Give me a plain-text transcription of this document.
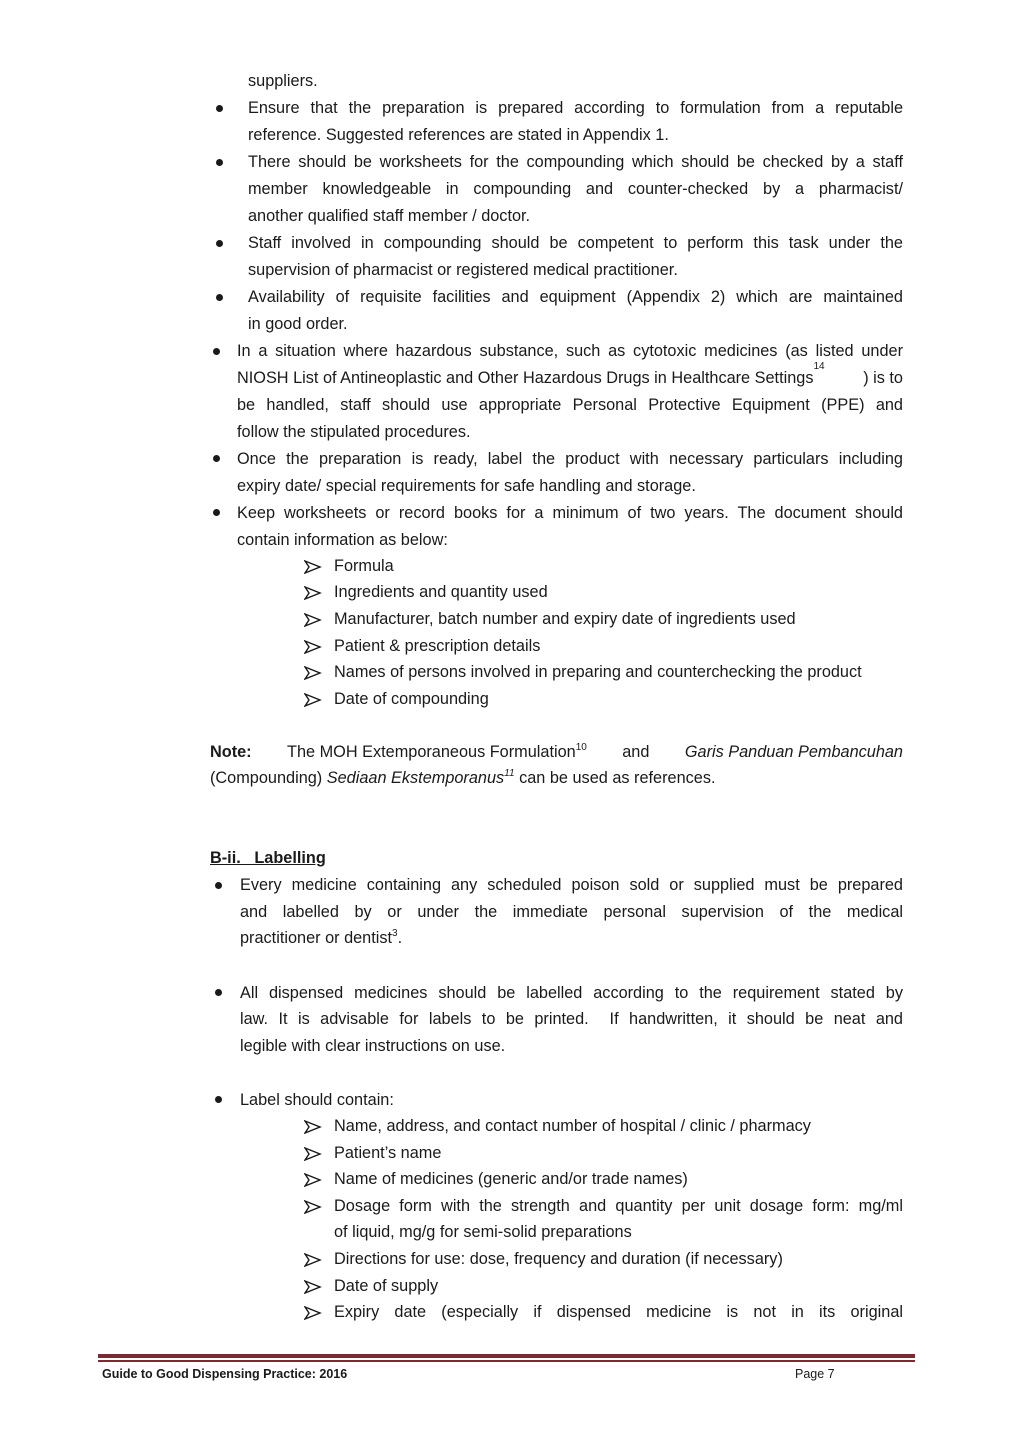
suppliers.
Ensure that the preparation is prepared according to formulation from a reputable
reference. Suggested references are stated in Appendix 1.
There should be worksheets for the compounding which should be checked by a staff
member knowledgeable in compounding and counter-checked by a pharmacist/
another qualified staff member / doctor.
Staff involved in compounding should be competent to perform this task under the
supervision of pharmacist or registered medical practitioner.
Availability of requisite facilities and equipment (Appendix 2) which are maintained
in good order.
In a situation where hazardous substance, such as cytotoxic medicines (as listed under
NIOSH List of Antineoplastic and Other Hazardous Drugs in Healthcare Settings
$^{14}$
) is to
be handled, staff should use appropriate Personal Protective Equipment (PPE) and
follow the stipulated procedures.
Once the preparation is ready, label the product with necessary particulars including
expiry date/ special requirements for safe handling and storage.
Keep worksheets or record books for a minimum of two years. The document should
contain information as below:
Formula
Ingredients and quantity used
Manufacturer, batch number and expiry date of ingredients used
Patient & prescription details
Names of persons involved in preparing and counterchecking the product
Date of compounding
Note: The MOH Extemporaneous Formulation$^{10}$ and Garis Panduan Pembancuhan
(Compounding) Sediaan Ekstemporanus$^{11}$ can be used as references.
B-ii.   Labelling
Every medicine containing any scheduled poison sold or supplied must be prepared
and labelled by or under the immediate personal supervision of the medical
practitioner or dentist$^3$.
All dispensed medicines should be labelled according to the requirement stated by
law. It is advisable for labels to be printed.  If handwritten, it should be neat and
legible with clear instructions on use.
Label should contain:
Name, address, and contact number of hospital / clinic / pharmacy
Patient’s name
Name of medicines (generic and/or trade names)
Dosage form with the strength and quantity per unit dosage form: mg/ml
of liquid, mg/g for semi-solid preparations
Directions for use: dose, frequency and duration (if necessary)
Date of supply
Expiry date (especially if dispensed medicine is not in its original
Guide to Good Dispensing Practice: 2016	Page 7
